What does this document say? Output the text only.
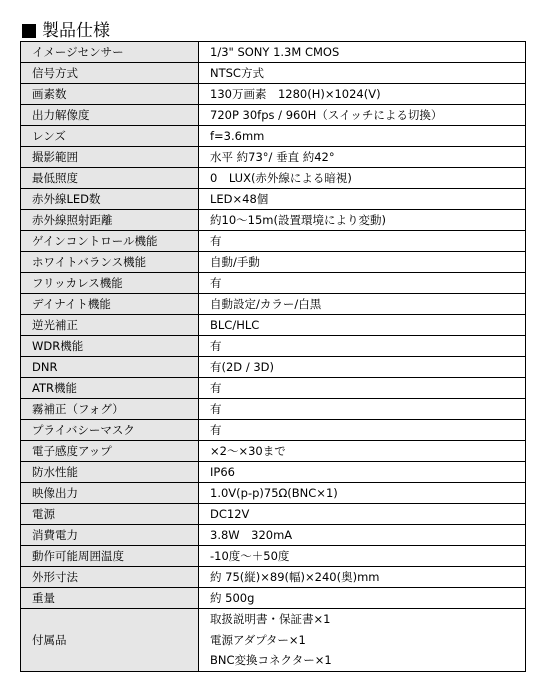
製品仕様
イメージセンサー	1/3" SONY 1.3M CMOS
信号方式	NTSC方式
画素数	130万画素　1280(H)×1024(V)
出力解像度	720P 30fps / 960H（スイッチによる切換）
レンズ	f=3.6mm
撮影範囲	水平 約73°/ 垂直 約42°
最低照度	0　LUX(赤外線による暗視)
赤外線LED数	LED×48個
赤外線照射距離	約10～15m(設置環境により変動)
ゲインコントロール機能	有
ホワイトバランス機能	自動/手動
フリッカレス機能	有
デイナイト機能	自動設定/カラー/白黒
逆光補正	BLC/HLC
WDR機能	有
DNR	有(2D / 3D)
ATR機能	有
霧補正（フォグ）	有
プライバシーマスク	有
電子感度アップ	×2～×30まで
防水性能	IP66
映像出力	1.0V(p-p)75Ω(BNC×1)
電源	DC12V
消費電力	3.8W　320mA
動作可能周囲温度	-10度～＋50度
外形寸法	約 75(縦)×89(幅)×240(奥)mm
重量	約 500g
付属品	取扱説明書・保証書×1
電源アダプター×1
BNC変換コネクター×1
